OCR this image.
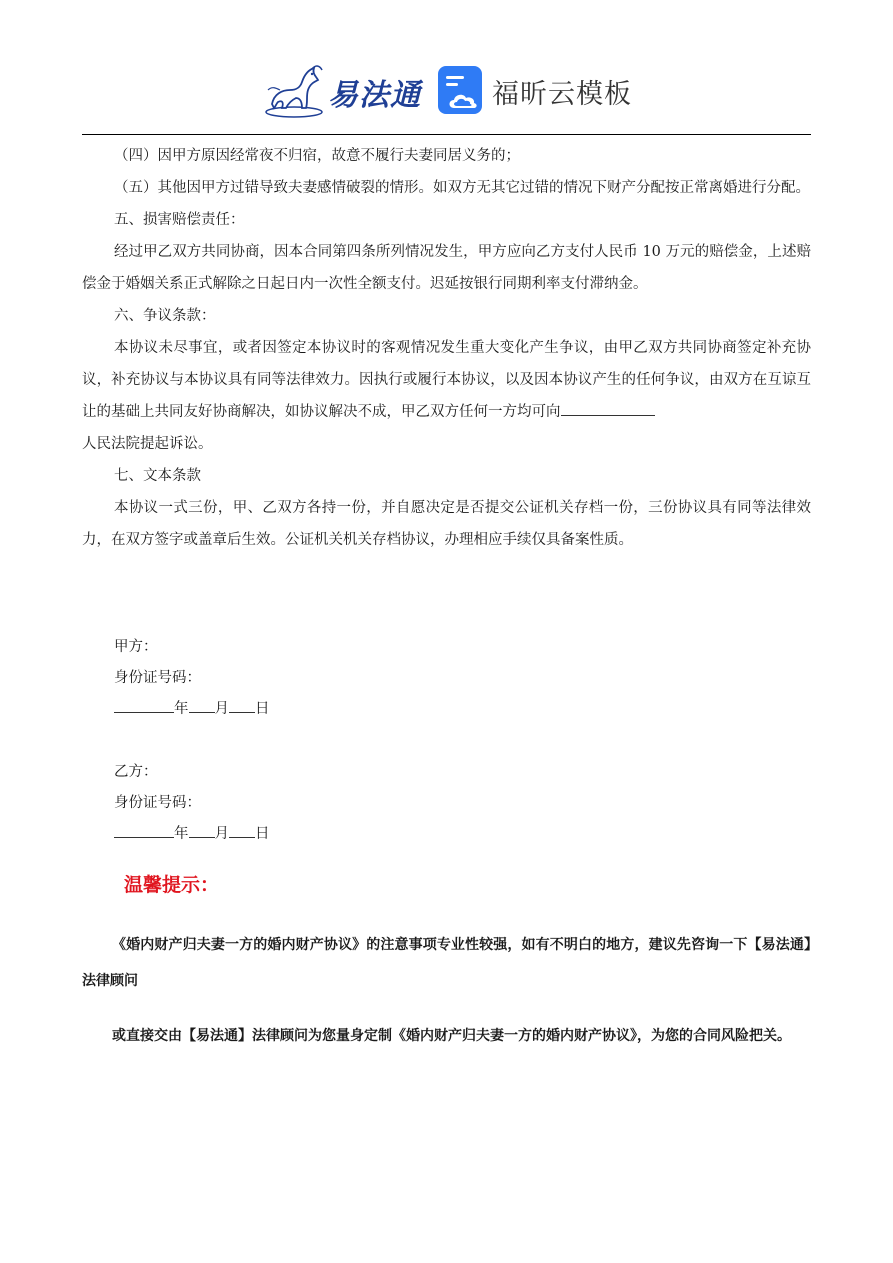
易法通	福昕云模板

（四）因甲方原因经常夜不归宿，故意不履行夫妻同居义务的；

（五）其他因甲方过错导致夫妻感情破裂的情形。如双方无其它过错的情况下财产分配按正常离婚进行分配。

五、损害赔偿责任：

经过甲乙双方共同协商，因本合同第四条所列情况发生，甲方应向乙方支付人民币 10 万元的赔偿金，上述赔偿金于婚姻关系正式解除之日起日内一次性全额支付。迟延按银行同期利率支付滞纳金。

六、争议条款：

本协议未尽事宜，或者因签定本协议时的客观情况发生重大变化产生争议，由甲乙双方共同协商签定补充协议，补充协议与本协议具有同等法律效力。因执行或履行本协议，以及因本协议产生的任何争议，由双方在互谅互让的基础上共同友好协商解决，如协议解决不成，甲乙双方任何一方均可向

人民法院提起诉讼。

七、文本条款

本协议一式三份，甲、乙双方各持一份，并自愿决定是否提交公证机关存档一份，三份协议具有同等法律效力，在双方签字或盖章后生效。公证机关机关存档协议，办理相应手续仅具备案性质。

甲方：

身份证号码：

年 月 日

乙方：

身份证号码：

年 月 日

温馨提示：

《婚内财产归夫妻一方的婚内财产协议》的注意事项专业性较强，如有不明白的地方，建议先咨询一下【易法通】法律顾问

或直接交由【易法通】法律顾问为您量身定制《婚内财产归夫妻一方的婚内财产协议》，为您的合同风险把关。
